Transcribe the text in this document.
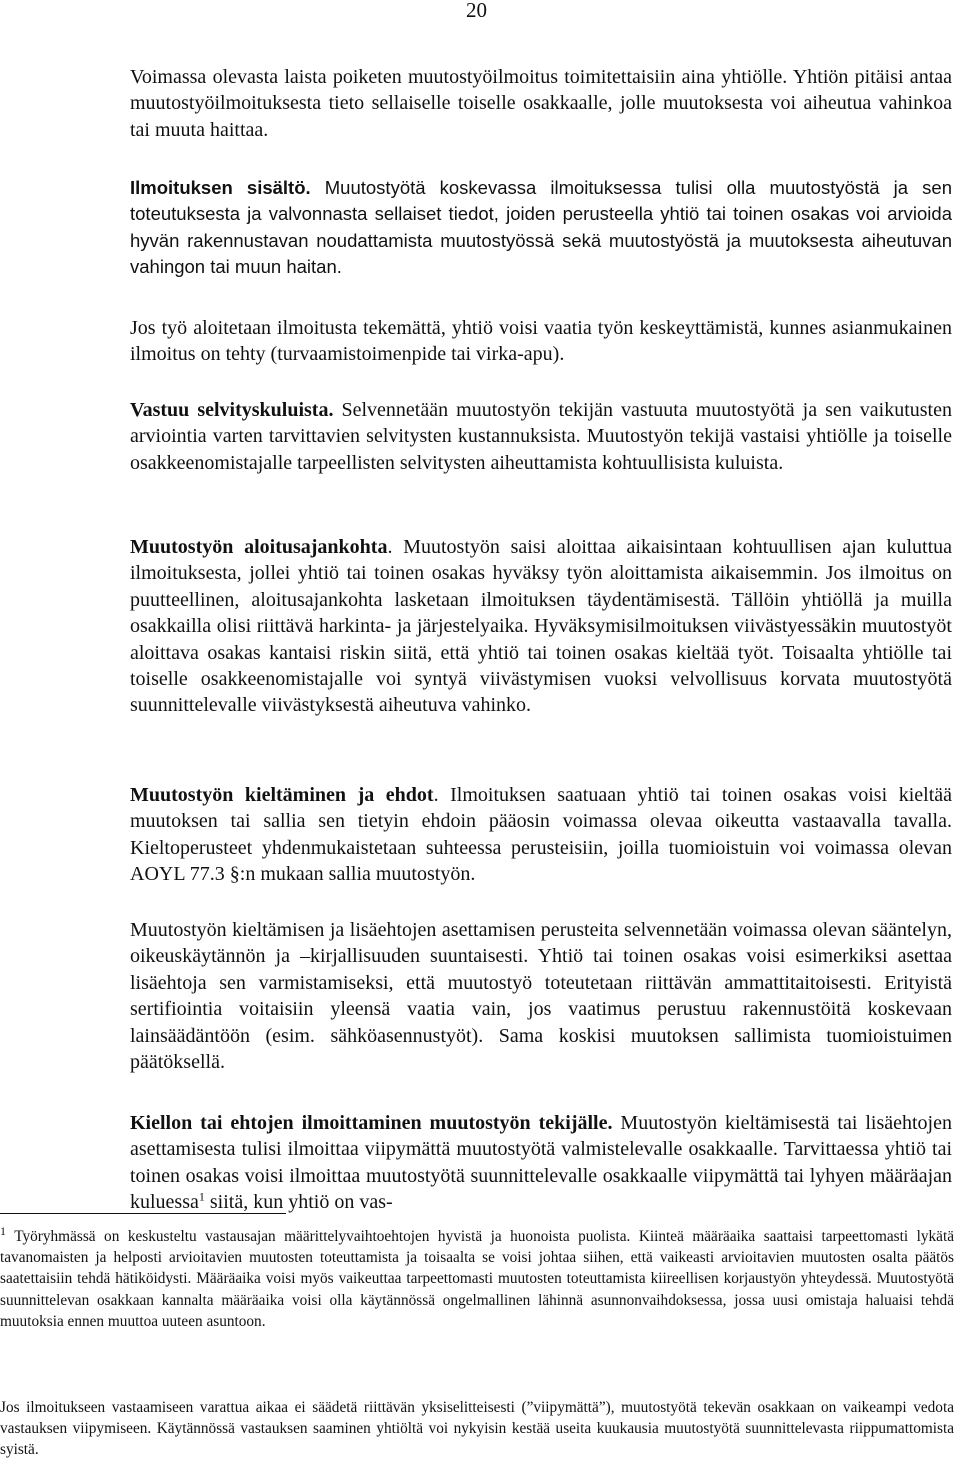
20

Voimassa olevasta laista poiketen muutostyöilmoitus toimitettaisiin aina yhtiölle. Yhtiön pitäisi antaa muutostyöilmoituksesta tieto sellaiselle toiselle osakkaalle, jolle muutoksesta voi aiheutua vahinkoa tai muuta haittaa.

Ilmoituksen sisältö. Muutostyötä koskevassa ilmoituksessa tulisi olla muutostyöstä ja sen toteutuksesta ja valvonnasta sellaiset tiedot, joiden perusteella yhtiö tai toinen osakas voi arvioida hyvän rakennustavan noudattamista muutostyössä sekä muutostyöstä ja muutoksesta aiheutuvan vahingon tai muun haitan.

Jos työ aloitetaan ilmoitusta tekemättä, yhtiö voisi vaatia työn keskeyttämistä, kunnes asianmukainen ilmoitus on tehty (turvaamistoimenpide tai virka-apu).

Vastuu selvityskuluista. Selvennetään muutostyön tekijän vastuuta muutostyötä ja sen vaikutusten arviointia varten tarvittavien selvitysten kustannuksista. Muutostyön tekijä vastaisi yhtiölle ja toiselle osakkeenomistajalle tarpeellisten selvitysten aiheuttamista kohtuullisista kuluista.

Muutostyön aloitusajankohta. Muutostyön saisi aloittaa aikaisintaan kohtuullisen ajan kuluttua ilmoituksesta, jollei yhtiö tai toinen osakas hyväksy työn aloittamista aikaisemmin. Jos ilmoitus on puutteellinen, aloitusajankohta lasketaan ilmoituksen täydentämisestä. Tällöin yhtiöllä ja muilla osakkailla olisi riittävä harkinta- ja järjestelyaika. Hyväksymisilmoituksen viivästyessäkin muutostyöt aloittava osakas kantaisi riskin siitä, että yhtiö tai toinen osakas kieltää työt. Toisaalta yhtiölle tai toiselle osakkeenomistajalle voi syntyä viivästymisen vuoksi velvollisuus korvata muutostyötä suunnittelevalle viivästyksestä aiheutuva vahinko.

Muutostyön kieltäminen ja ehdot. Ilmoituksen saatuaan yhtiö tai toinen osakas voisi kieltää muutoksen tai sallia sen tietyin ehdoin pääosin voimassa olevaa oikeutta vastaavalla tavalla. Kieltoperusteet yhdenmukaistetaan suhteessa perusteisiin, joilla tuomioistuin voi voimassa olevan AOYL 77.3 §:n mukaan sallia muutostyön.

Muutostyön kieltämisen ja lisäehtojen asettamisen perusteita selvennetään voimassa olevan sääntelyn, oikeuskäytännön ja –kirjallisuuden suuntaisesti. Yhtiö tai toinen osakas voisi esimerkiksi asettaa lisäehtoja sen varmistamiseksi, että muutostyö toteutetaan riittävän ammattitaitoisesti. Erityistä sertifiointia voitaisiin yleensä vaatia vain, jos vaatimus perustuu rakennustöitä koskevaan lainsäädäntöön (esim. sähköasennustyöt). Sama koskisi muutoksen sallimista tuomioistuimen päätöksellä.

Kiellon tai ehtojen ilmoittaminen muutostyön tekijälle. Muutostyön kieltämisestä tai lisäehtojen asettamisesta tulisi ilmoittaa viipymättä muutostyötä valmistelevalle osakkaalle. Tarvittaessa yhtiö tai toinen osakas voisi ilmoittaa muutostyötä suunnittelevalle osakkaalle viipymättä tai lyhyen määräajan kuluessa$^1$ siitä, kun yhtiö on vas-

$^1$ Työryhmässä on keskusteltu vastausajan määrittelyvaihtoehtojen hyvistä ja huonoista puolista. Kiinteä määräaika saattaisi tarpeettomasti lykätä tavanomaisten ja helposti arvioitavien muutosten toteuttamista ja toisaalta se voisi johtaa siihen, että vaikeasti arvioitavien muutosten osalta päätös saatettaisiin tehdä hätiköidysti. Määräaika voisi myös vaikeuttaa tarpeettomasti muutosten toteuttamista kiireellisen korjaustyön yhteydessä. Muutostyötä suunnittelevan osakkaan kannalta määräaika voisi olla käytännössä ongelmallinen lähinnä asunnonvaihdoksessa, jossa uusi omistaja haluaisi tehdä muutoksia ennen muuttoa uuteen asuntoon.

Jos ilmoitukseen vastaamiseen varattua aikaa ei säädetä riittävän yksiselitteisesti (”viipymättä”), muutostyötä tekevän osakkaan on vaikeampi vedota vastauksen viipymiseen. Käytännössä vastauksen saaminen yhtiöltä voi nykyisin kestää useita kuukausia muutostyötä suunnittelevasta riippumattomista syistä.
